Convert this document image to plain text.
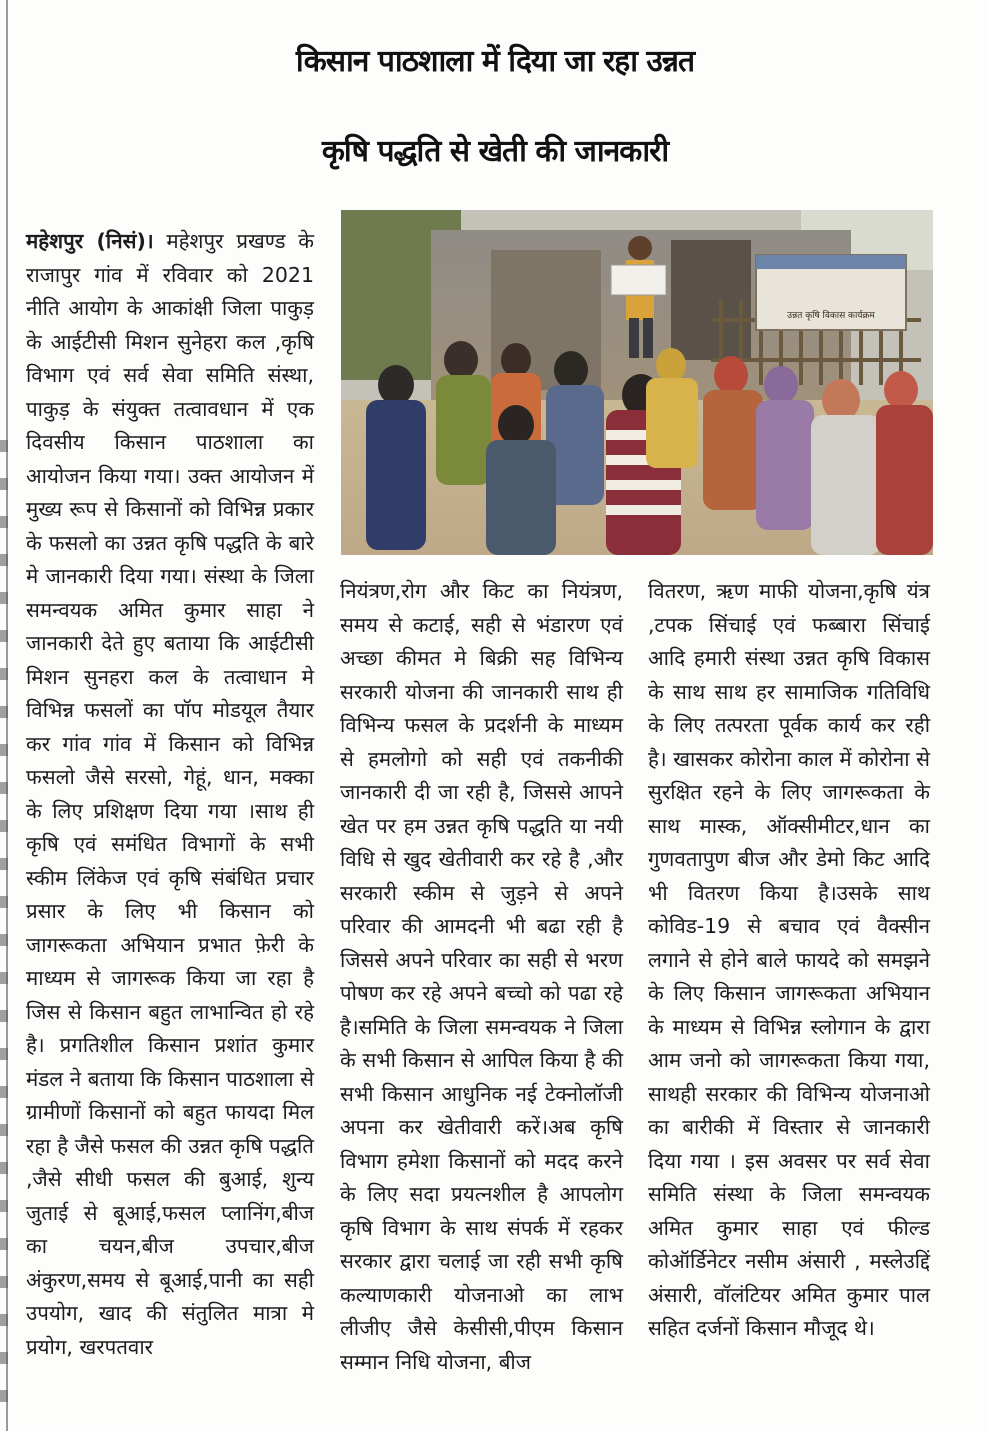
किसान पाठशाला में दिया जा रहा उन्नत
कृषि पद्धति से खेती की जानकारी
उन्नत कृषि विकास कार्यक्रम

महेशपुर (निसं)। महेशपुर प्रखण्ड के राजापुर गांव में रविवार को 2021 नीति आयोग के आकांक्षी जिला पाकुड़ के आईटीसी मिशन सुनेहरा कल ,कृषि विभाग एवं सर्व सेवा समिति संस्था, पाकुड़ के संयुक्त तत्वावधान में एक दिवसीय किसान पाठशाला का आयोजन किया गया। उक्त आयोजन में मुख्य रूप से किसानों को विभिन्न प्रकार के फसलो का उन्नत कृषि पद्धति के बारे मे जानकारी दिया गया। संस्था के जिला समन्वयक अमित कुमार साहा ने जानकारी देते हुए बताया कि आईटीसी मिशन सुनहरा कल के तत्वाधान मे विभिन्न फसलों का पॉप मोडयूल तैयार कर गांव गांव में किसान को विभिन्न फसलो जैसे सरसो, गेहूं, धान, मक्का के लिए प्रशिक्षण दिया गया ।साथ ही कृषि एवं समंधित विभागों के सभी स्कीम लिंकेज एवं कृषि संबंधित प्रचार प्रसार के लिए भी किसान को जागरूकता अभियान प्रभात फ़ेरी के माध्यम से जागरूक किया जा रहा है जिस से किसान बहुत लाभान्वित हो रहे है। प्रगतिशील किसान प्रशांत कुमार मंडल ने बताया कि किसान पाठशाला से ग्रामीणों किसानों को बहुत फायदा मिल रहा है जैसे फसल की उन्नत कृषि पद्धति ,जैसे सीधी फसल की बुआई, शुन्य जुताई से बूआई,फसल प्लानिंग,बीज का चयन,बीज उपचार,बीज अंकुरण,समय से बूआई,पानी का सही उपयोग, खाद की संतुलित मात्रा मे प्रयोग, खरपतवार

नियंत्रण,रोग और किट का नियंत्रण, समय से कटाई, सही से भंडारण एवं अच्छा कीमत मे बिक्री सह विभिन्य सरकारी योजना की जानकारी साथ ही विभिन्य फसल के प्रदर्शनी के माध्यम से हमलोगो को सही एवं तकनीकी जानकारी दी जा रही है, जिससे आपने खेत पर हम उन्नत कृषि पद्धति या नयी विधि से खुद खेतीवारी कर रहे है ,और सरकारी स्कीम से जुड़ने से अपने परिवार की आमदनी भी बढा रही है जिससे अपने परिवार का सही से भरण पोषण कर रहे अपने बच्चो को पढा रहे है।समिति के जिला समन्वयक ने जिला के सभी किसान से आपिल किया है की सभी किसान आधुनिक नई टेक्नोलॉजी अपना कर खेतीवारी करें।अब कृषि विभाग हमेशा किसानों को मदद करने के लिए सदा प्रयत्नशील है आपलोग कृषि विभाग के साथ संपर्क में रहकर सरकार द्वारा चलाई जा रही सभी कृषि कल्याणकारी योजनाओ का लाभ लीजीए जैसे केसीसी,पीएम किसान सम्मान निधि योजना, बीज

वितरण, ऋण माफी योजना,कृषि यंत्र ,टपक सिंचाई एवं फब्बारा सिंचाई आदि हमारी संस्था उन्नत कृषि विकास के साथ साथ हर सामाजिक गतिविधि के लिए तत्परता पूर्वक कार्य कर रही है। खासकर कोरोना काल में कोरोना से सुरक्षित रहने के लिए जागरूकता के साथ मास्क, ऑक्सीमीटर,धान का गुणवतापुण बीज और डेमो किट आदि भी वितरण किया है।उसके साथ कोविड-19 से बचाव एवं वैक्सीन लगाने से होने बाले फायदे को समझने के लिए किसान जागरूकता अभियान के माध्यम से विभिन्न स्लोगान के द्वारा आम जनो को जागरूकता किया गया, साथही सरकार की विभिन्य योजनाओ का बारीकी में विस्तार से जानकारी दिया गया । इस अवसर पर सर्व सेवा समिति संस्था के जिला समन्वयक अमित कुमार साहा एवं फील्ड कोऑर्डिनेटर नसीम अंसारी , मस्लेउद्दिं अंसारी, वॉलंटियर अमित कुमार पाल सहित दर्जनों किसान मौजूद थे।
